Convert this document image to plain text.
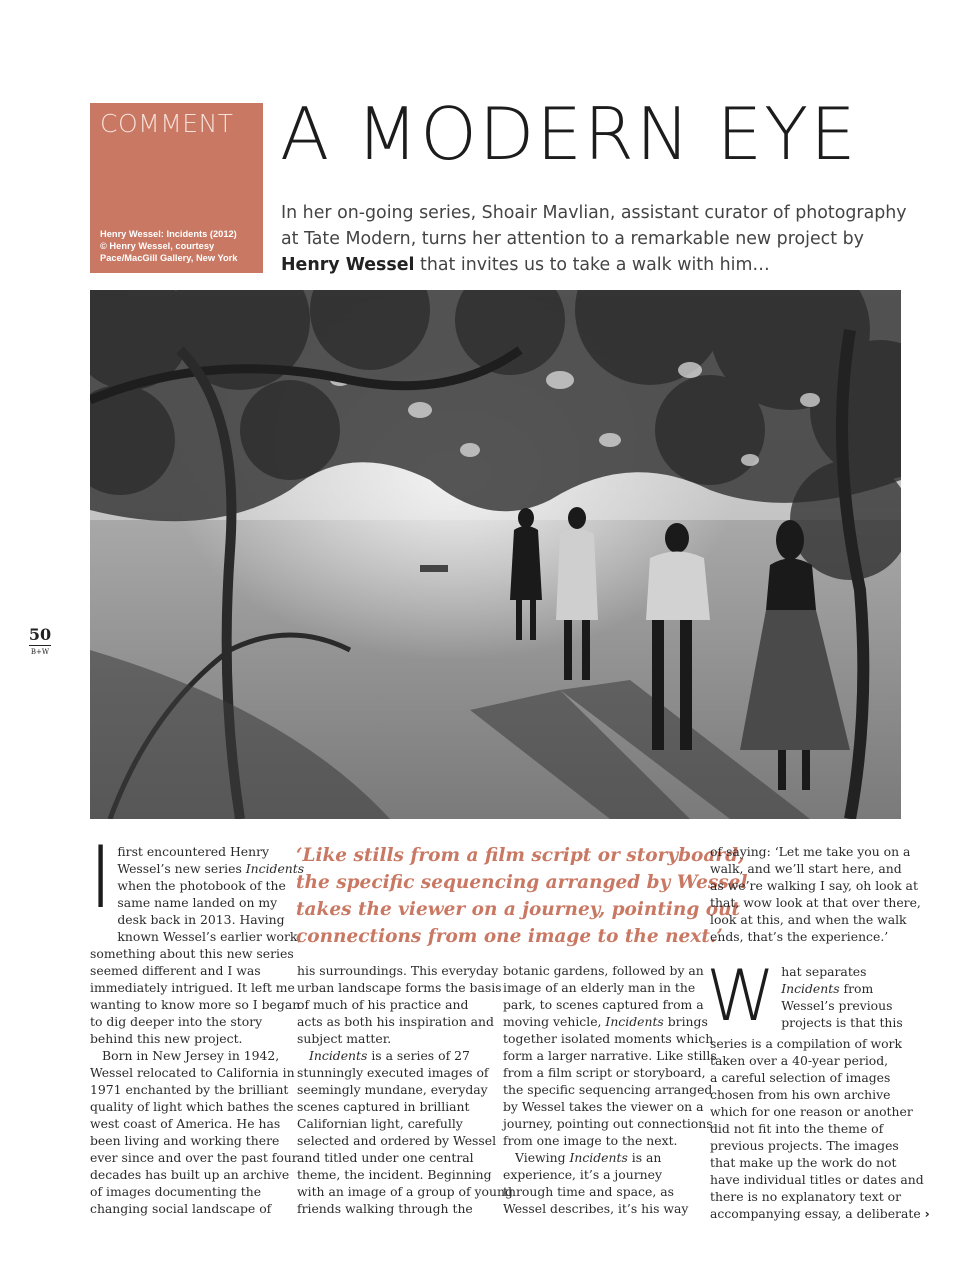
COMMENT
Henry Wessel: Incidents (2012)
© Henry Wessel, courtesy
Pace/MacGill Gallery, New York
A MODERN EYE
In her on-going series, Shoair Mavlian, assistant curator of photography at Tate Modern, turns her attention to a remarkable new project by Henry Wessel that invites us to take a walk with him…
50
B+W
I first encountered Henry
Wessel’s new series Incidents
when the photobook of the
same name landed on my
desk back in 2013. Having
known Wessel’s earlier work,
something about this new series
seemed different and I was
immediately intrigued. It left me
wanting to know more so I began
to dig deeper into the story
behind this new project.
Born in New Jersey in 1942,
Wessel relocated to California in
1971 enchanted by the brilliant
quality of light which bathes the
west coast of America. He has
been living and working there
ever since and over the past four
decades has built up an archive
of images documenting the
changing social landscape of
‘Like stills from a film script or storyboard,
the specific sequencing arranged by Wessel
takes the viewer on a journey, pointing out
connections from one image to the next.’
his surroundings. This everyday
urban landscape forms the basis
of much of his practice and
acts as both his inspiration and
subject matter.
Incidents is a series of 27
stunningly executed images of
seemingly mundane, everyday
scenes captured in brilliant
Californian light, carefully
selected and ordered by Wessel
and titled under one central
theme, the incident. Beginning
with an image of a group of young
friends walking through the
botanic gardens, followed by an
image of an elderly man in the
park, to scenes captured from a
moving vehicle, Incidents brings
together isolated moments which
form a larger narrative. Like stills
from a film script or storyboard,
the specific sequencing arranged
by Wessel takes the viewer on a
journey, pointing out connections
from one image to the next.
Viewing Incidents is an
experience, it’s a journey
through time and space, as
Wessel describes, it’s his way
of saying: ‘Let me take you on a
walk, and we’ll start here, and
as we’re walking I say, oh look at
that, wow look at that over there,
look at this, and when the walk
ends, that’s the experience.’
W hat separates
Incidents from
Wessel’s previous
projects is that this
series is a compilation of work
taken over a 40-year period,
a careful selection of images
chosen from his own archive
which for one reason or another
did not fit into the theme of
previous projects. The images
that make up the work do not
have individual titles or dates and
there is no explanatory text or
accompanying essay, a deliberate ›
